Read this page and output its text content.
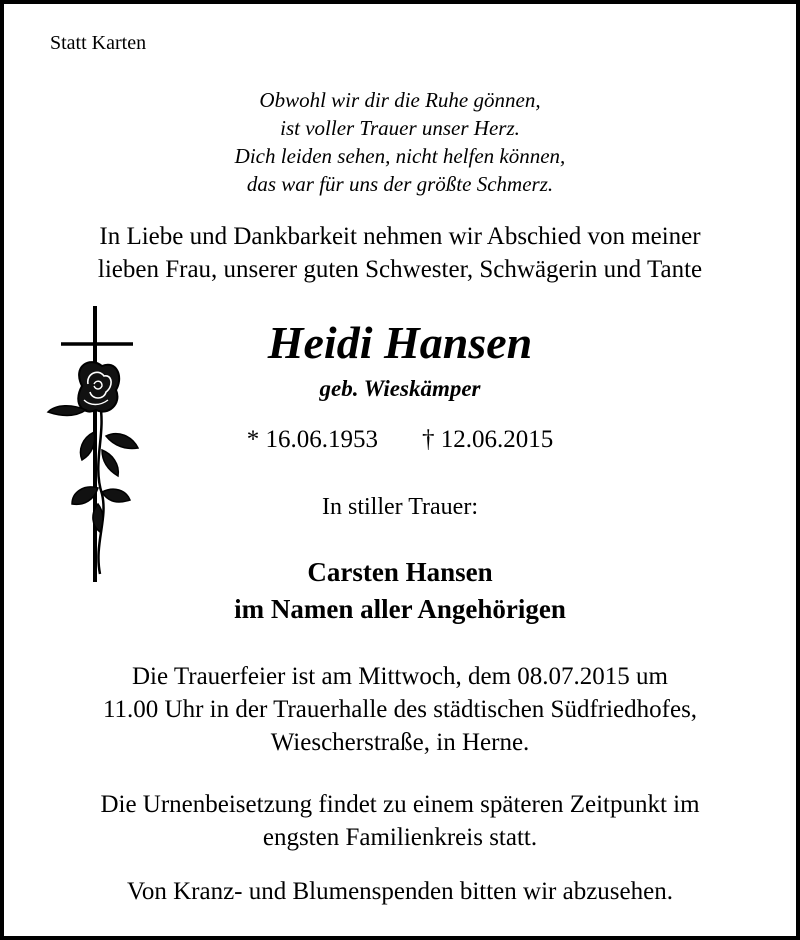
Statt Karten
Obwohl wir dir die Ruhe gönnen,
ist voller Trauer unser Herz.
Dich leiden sehen, nicht helfen können,
das war für uns der größte Schmerz.
In Liebe und Dankbarkeit nehmen wir Abschied von meiner
lieben Frau, unserer guten Schwester, Schwägerin und Tante
Heidi Hansen
geb. Wieskämper
* 16.06.1953 † 12.06.2015
In stiller Trauer:
Carsten Hansen
im Namen aller Angehörigen
Die Trauerfeier ist am Mittwoch, dem 08.07.2015 um
11.00 Uhr in der Trauerhalle des städtischen Südfriedhofes,
Wiescherstraße, in Herne.
Die Urnenbeisetzung findet zu einem späteren Zeitpunkt im
engsten Familienkreis statt.
Von Kranz- und Blumenspenden bitten wir abzusehen.
